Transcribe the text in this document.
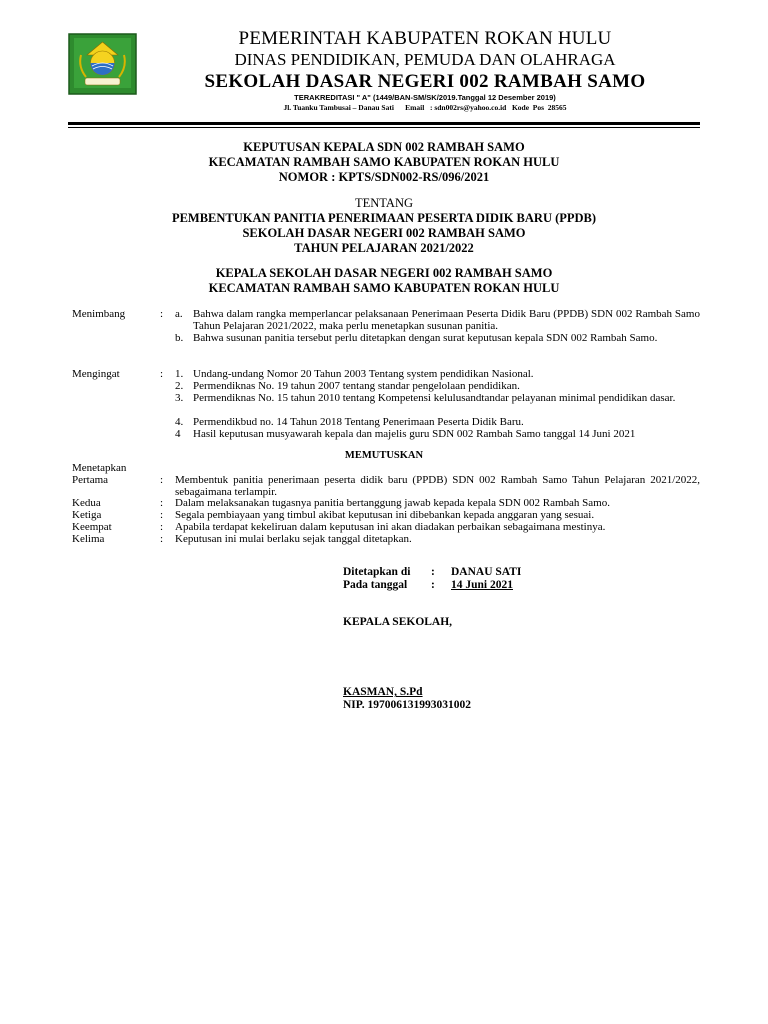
PEMERINTAH KABUPATEN ROKAN HULU
DINAS PENDIDIKAN, PEMUDA DAN OLAHRAGA
SEKOLAH DASAR NEGERI 002 RAMBAH SAMO
TERAKREDITASI " A" (1449/BAN-SM/SK/2019.Tanggal 12 Desember 2019)
Jl. Tuanku Tambusai – Danau Sati      Email   : sdn002rs@yahoo.co.id   Kode  Pos  28565
KEPUTUSAN KEPALA SDN 002 RAMBAH SAMO
KECAMATAN RAMBAH SAMO KABUPATEN ROKAN HULU
NOMOR : KPTS/SDN002-RS/096/2021
TENTANG
PEMBENTUKAN PANITIA PENERIMAAN PESERTA DIDIK BARU (PPDB)
SEKOLAH DASAR NEGERI 002 RAMBAH SAMO
TAHUN PELAJARAN 2021/2022
KEPALA SEKOLAH DASAR NEGERI 002 RAMBAH SAMO
KECAMATAN RAMBAH SAMO KABUPATEN ROKAN HULU
Menimbang	:	a. Bahwa dalam rangka memperlancar pelaksanaan Penerimaan Peserta Didik Baru (PPDB) SDN 002 Rambah Samo Tahun Pelajaran 2021/2022, maka perlu menetapkan susunan panitia.
b. Bahwa susunan panitia tersebut perlu ditetapkan dengan surat keputusan kepala SDN 002 Rambah Samo.
Mengingat	:	1. Undang-undang Nomor 20 Tahun 2003 Tentang system pendidikan Nasional.
2. Permendiknas No. 19 tahun 2007 tentang standar pengelolaan pendidikan.
3. Permendiknas No. 15 tahun 2010 tentang Kompetensi kelulusandtandar pelayanan minimal pendidikan dasar.
4. Permendikbud no. 14 Tahun 2018 Tentang Penerimaan Peserta Didik Baru.
4	Hasil keputusan musyawarah kepala dan majelis guru SDN 002 Rambah Samo tanggal 14 Juni 2021
MEMUTUSKAN
Menetapkan
Pertama	:	Membentuk panitia penerimaan peserta didik baru (PPDB) SDN 002 Rambah Samo Tahun Pelajaran 2021/2022, sebagaimana terlampir.
Kedua	:	Dalam melaksanakan tugasnya panitia bertanggung jawab kepada kepala SDN 002 Rambah Samo.
Ketiga	:	Segala pembiayaan yang timbul akibat keputusan ini dibebankan kepada anggaran yang sesuai.
Keempat	:	Apabila terdapat kekeliruan dalam keputusan ini akan diadakan perbaikan sebagaimana mestinya.
Kelima	:	Keputusan ini mulai berlaku sejak tanggal ditetapkan.
Ditetapkan di : DANAU SATI
Pada tanggal : 14 Juni 2021
KEPALA SEKOLAH,
KASMAN, S.Pd
NIP. 197006131993031002
